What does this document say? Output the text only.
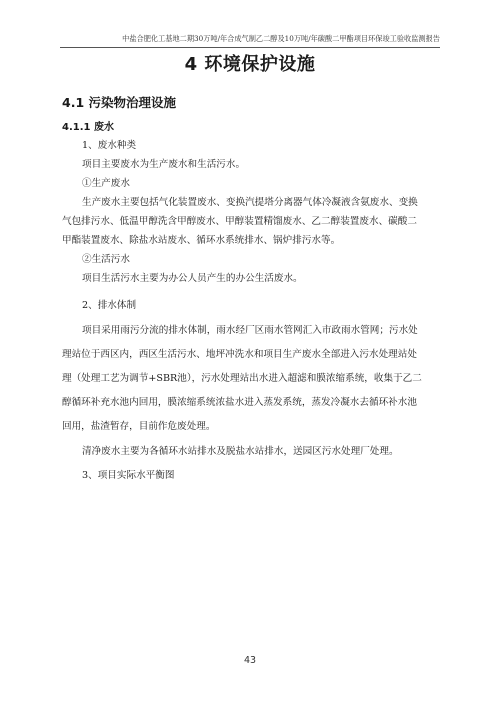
中盐合肥化工基地二期30万吨/年合成气制乙二醇及10万吨/年碳酸二甲酯项目环保竣工验收监测报告
4 环境保护设施
4.1 污染物治理设施
4.1.1 废水
1、废水种类
项目主要废水为生产废水和生活污水。
①生产废水
生产废水主要包括气化装置废水、变换汽提塔分离器气体冷凝液含氨废水、变换
气包排污水、低温甲醇洗含甲醇废水、甲醇装置精馏废水、乙二醇装置废水、碳酸二
甲酯装置废水、除盐水站废水、循环水系统排水、锅炉排污水等。
②生活污水
项目生活污水主要为办公人员产生的办公生活废水。
2、排水体制
项目采用雨污分流的排水体制，雨水经厂区雨水管网汇入市政雨水管网；污水处
理站位于西区内，西区生活污水、地坪冲洗水和项目生产废水全部进入污水处理站处
理（处理工艺为调节+SBR池），污水处理站出水进入超滤和膜浓缩系统，收集于乙二
醇循环补充水池内回用，膜浓缩系统浓盐水进入蒸发系统，蒸发冷凝水去循环补水池
回用，盐渣暂存，目前作危废处理。
清净废水主要为各循环水站排水及脱盐水站排水，送园区污水处理厂处理。
3、项目实际水平衡图
43
